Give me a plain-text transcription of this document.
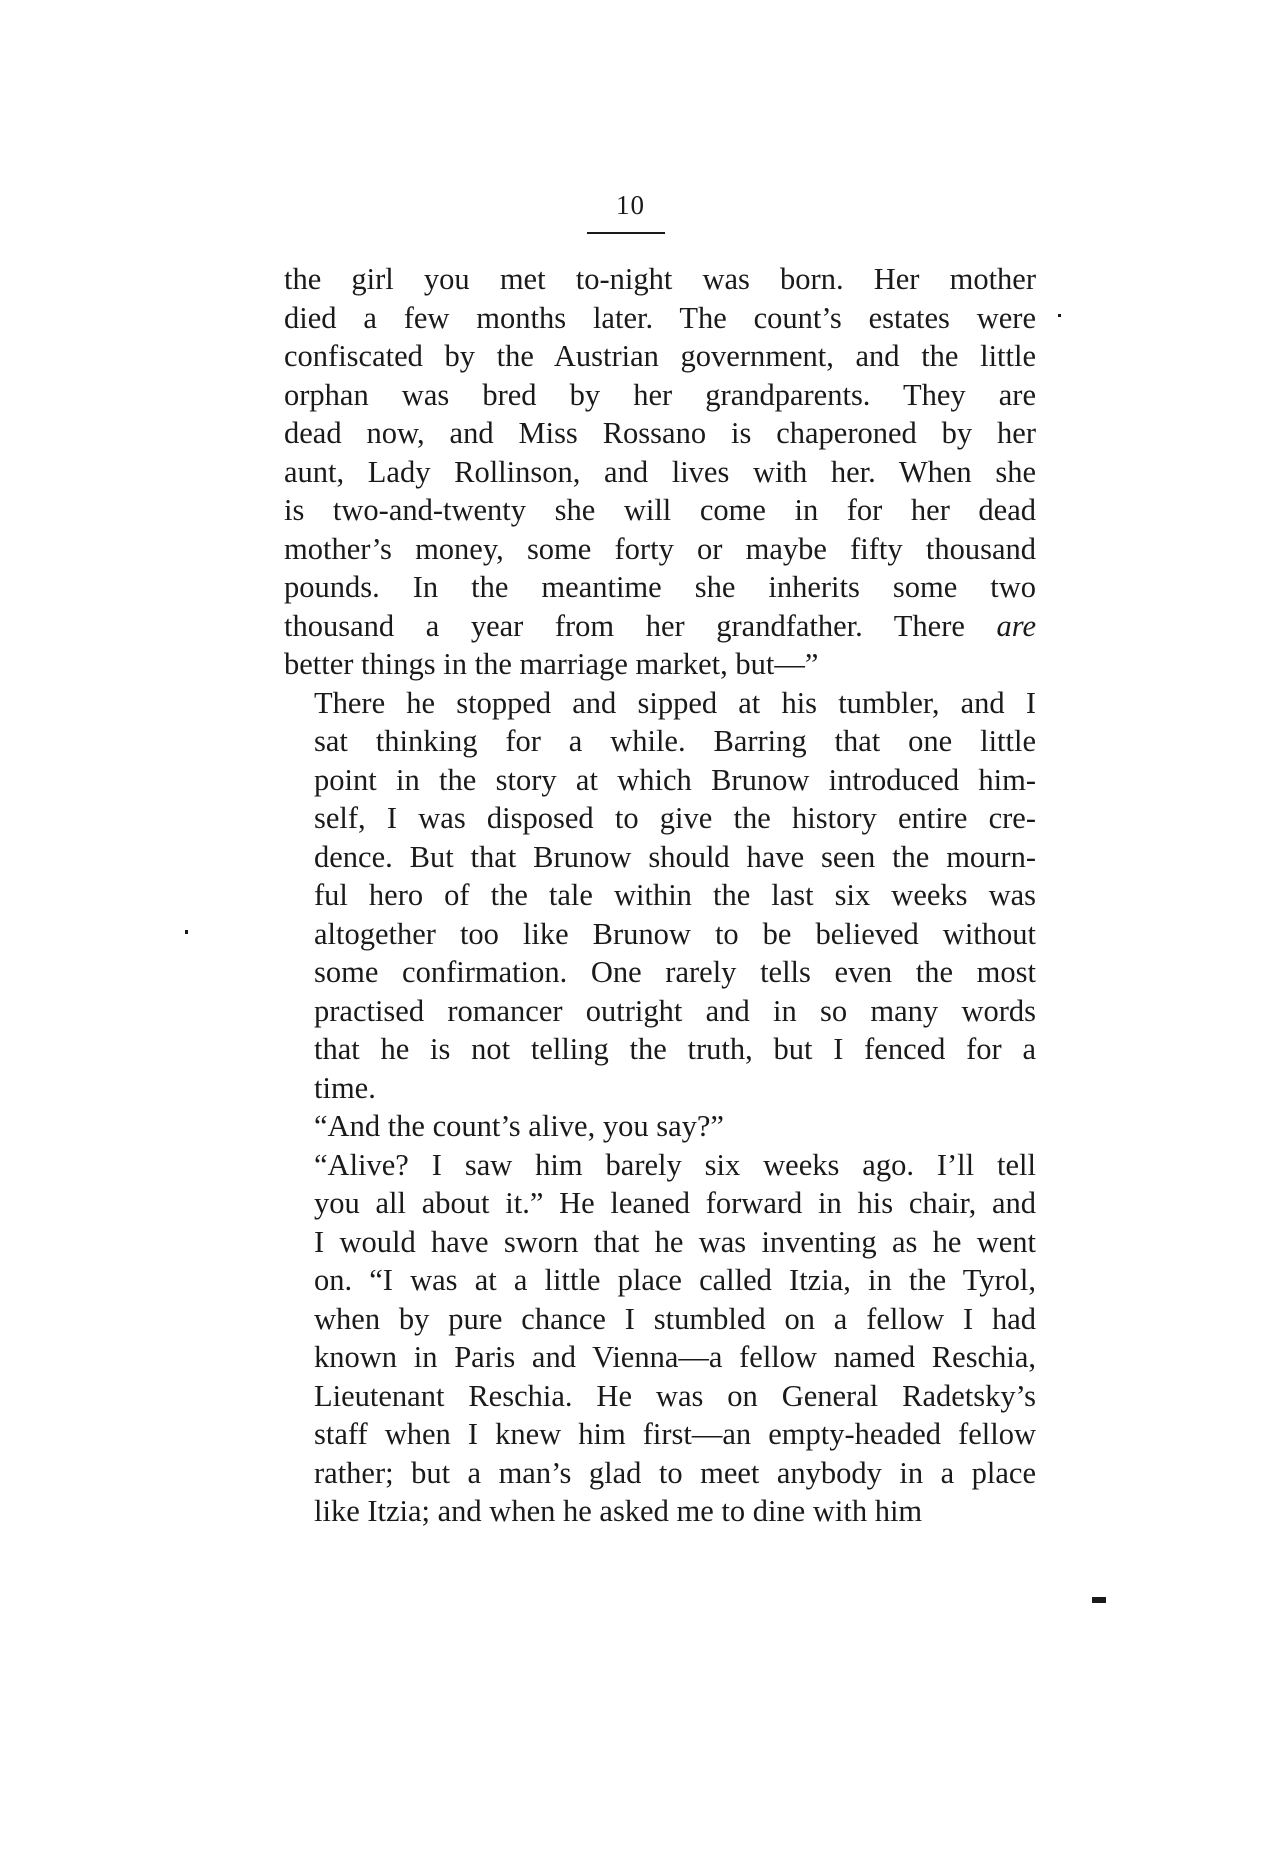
10

the girl you met to-night was born. Her mother
died a few months later. The count’s estates were
confiscated by the Austrian government, and the little
orphan was bred by her grandparents. They are
dead now, and Miss Rossano is chaperoned by her
aunt, Lady Rollinson, and lives with her. When she
is two-and-twenty she will come in for her dead
mother’s money, some forty or maybe fifty thousand
pounds. In the meantime she inherits some two
thousand a year from her grandfather. There are
better things in the marriage market, but—”

There he stopped and sipped at his tumbler, and I
sat thinking for a while. Barring that one little
point in the story at which Brunow introduced him-
self, I was disposed to give the history entire cre-
dence. But that Brunow should have seen the mourn-
ful hero of the tale within the last six weeks was
altogether too like Brunow to be believed without
some confirmation. One rarely tells even the most
practised romancer outright and in so many words
that he is not telling the truth, but I fenced for a
time.

“And the count’s alive, you say?”

“Alive? I saw him barely six weeks ago. I’ll tell
you all about it.” He leaned forward in his chair, and
I would have sworn that he was inventing as he went
on. “I was at a little place called Itzia, in the Tyrol,
when by pure chance I stumbled on a fellow I had
known in Paris and Vienna—a fellow named Reschia,
Lieutenant Reschia. He was on General Radetsky’s
staff when I knew him first—an empty-headed fellow
rather; but a man’s glad to meet anybody in a place
like Itzia; and when he asked me to dine with him
